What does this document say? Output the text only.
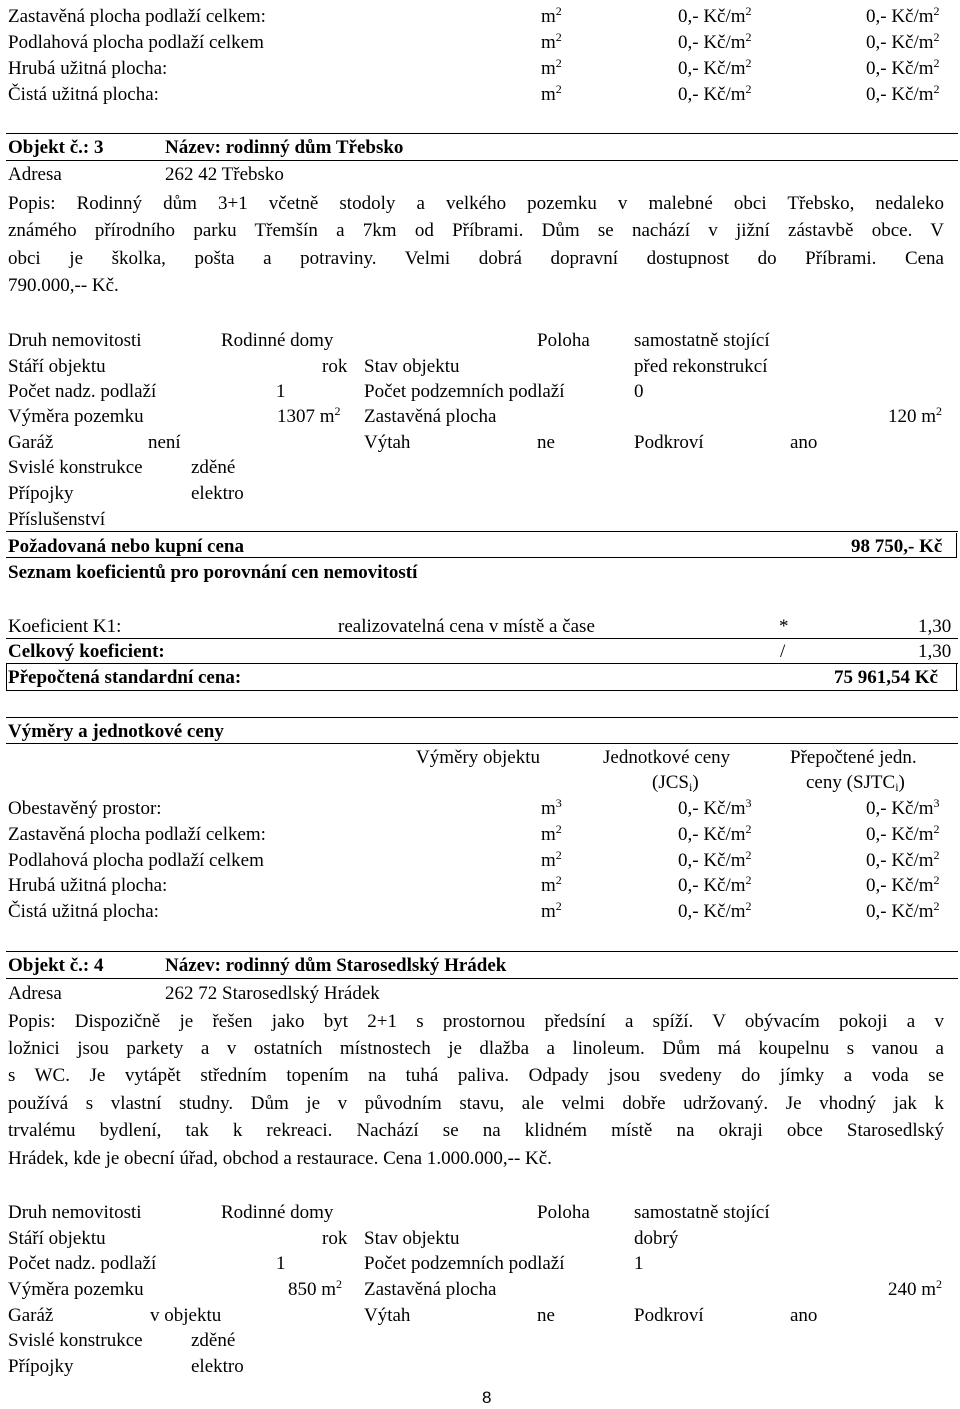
Zastavěná plocha podlaží celkem:	$m^2$	0,- $Kč/m^2$	0,- $Kč/m^2$
Podlahová plocha podlaží celkem	$m^2$	0,- $Kč/m^2$	0,- $Kč/m^2$
Hrubá užitná plocha:	$m^2$	0,- $Kč/m^2$	0,- $Kč/m^2$
Čistá užitná plocha:	$m^2$	0,- $Kč/m^2$	0,- $Kč/m^2$
Objekt č.: 3	Název: rodinný dům Třebsko
Adresa	262 42 Třebsko
Popis: Rodinný dům 3+1 včetně stodoly a velkého pozemku v malebné obci Třebsko, nedaleko
známého přírodního parku Třemšín a 7km od Příbrami. Dům se nachází v jižní zástavbě obce. V
obci je školka, pošta a potraviny. Velmi dobrá dopravní dostupnost do Příbrami. Cena
790.000,-- Kč.
Druh nemovitosti	Rodinné domy	Poloha samostatně stojící
Stáří objektu	rok Stav objektu	před rekonstrukcí
Počet nadz. podlaží	1	Počet podzemních podlaží	0
Výměra pozemku	1307 $m^2$ Zastavěná plocha	120 $m^2$
Garáž	není	Výtah	ne	Podkroví	ano
Svislé konstrukce	zděné
Přípojky	elektro
Příslušenství
Požadovaná nebo kupní cena	98 750,- Kč
Seznam koeficientů pro porovnání cen nemovitostí
Koeficient K1:	realizovatelná cena v místě a čase	*	1,30
Celkový koeficient:	/	1,30
Přepočtená standardní cena:	75 961,54 Kč
Výměry a jednotkové ceny
Výměry objektu	Jednotkové ceny	Přepočtené jedn.
$(JCS_i)$	ceny $(SJTC_i)$
Obestavěný prostor:	$m^3$	0,- $Kč/m^3$	0,- $Kč/m^3$
Zastavěná plocha podlaží celkem:	$m^2$	0,- $Kč/m^2$	0,- $Kč/m^2$
Podlahová plocha podlaží celkem	$m^2$	0,- $Kč/m^2$	0,- $Kč/m^2$
Hrubá užitná plocha:	$m^2$	0,- $Kč/m^2$	0,- $Kč/m^2$
Čistá užitná plocha:	$m^2$	0,- $Kč/m^2$	0,- $Kč/m^2$
Objekt č.: 4	Název: rodinný dům Starosedlský Hrádek
Adresa	262 72 Starosedlský Hrádek
Popis: Dispozičně je řešen jako byt 2+1 s prostornou předsíní a spíží. V obývacím pokoji a v
ložnici jsou parkety a v ostatních místnostech je dlažba a linoleum. Dům má koupelnu s vanou a
s WC. Je vytápět středním topením na tuhá paliva. Odpady jsou svedeny do jímky a voda se
používá s vlastní studny. Dům je v původním stavu, ale velmi dobře udržovaný. Je vhodný jak k
trvalému bydlení, tak k rekreaci. Nachází se na klidném místě na okraji obce Starosedlský
Hrádek, kde je obecní úřad, obchod a restaurace. Cena 1.000.000,-- Kč.
Druh nemovitosti	Rodinné domy	Poloha samostatně stojící
Stáří objektu	rok Stav objektu	dobrý
Počet nadz. podlaží	1	Počet podzemních podlaží	1
Výměra pozemku	850 $m^2$ Zastavěná plocha	240 $m^2$
Garáž	v objektu	Výtah	ne	Podkroví	ano
Svislé konstrukce	zděné
Přípojky	elektro
8
